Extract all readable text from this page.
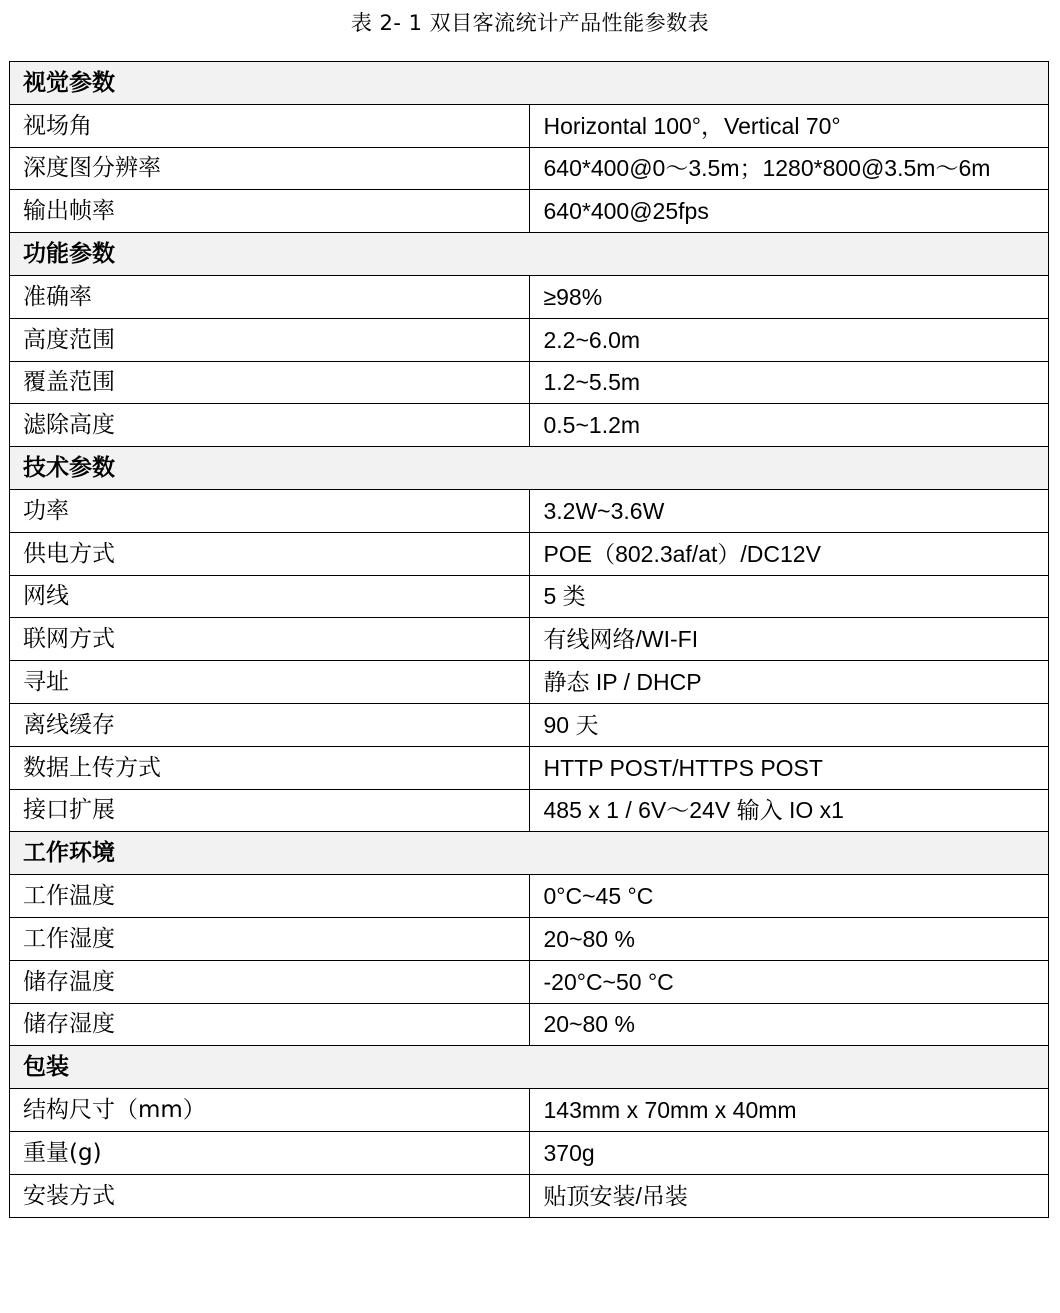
表 2- 1 双目客流统计产品性能参数表
视觉参数	
视场角	Horizontal 100°，Vertical 70°
深度图分辨率	640*400@0～3.5m；1280*800@3.5m～6m
输出帧率	640*400@25fps
功能参数	
准确率	≥98%
高度范围	2.2~6.0m
覆盖范围	1.2~5.5m
滤除高度	0.5~1.2m
技术参数	
功率	3.2W~3.6W
供电方式	POE（802.3af/at）/DC12V
网线	5 类
联网方式	有线网络/WI-FI
寻址	静态 IP / DHCP
离线缓存	90 天
数据上传方式	HTTP POST/HTTPS POST
接口扩展	485 x 1 / 6V～24V 输入 IO x1
工作环境	
工作温度	0°C~45 °C
工作湿度	20~80 %
储存温度	-20°C~50 °C
储存湿度	20~80 %
包装	
结构尺寸（mm）	143mm x 70mm x 40mm
重量(g)	370g
安装方式	贴顶安装/吊装
